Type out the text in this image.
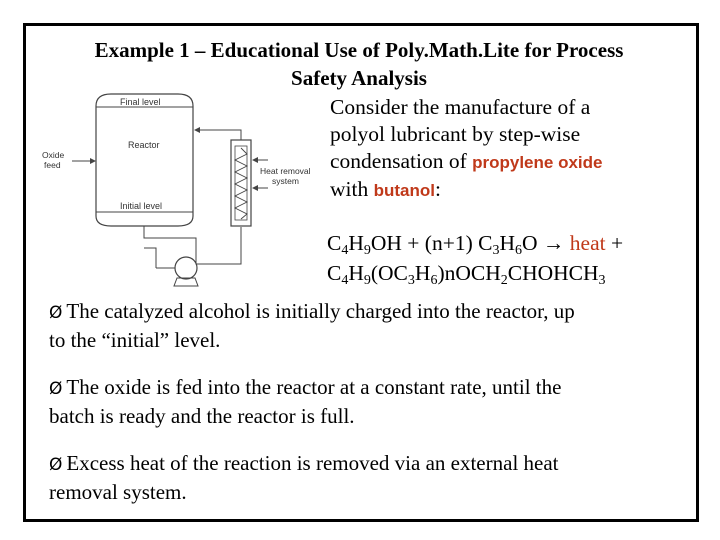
Example 1 – Educational Use of Poly.Math.Lite for Process
Safety Analysis
Final level
Reactor
Initial level
Oxide
feed
Heat removal
system
Consider the manufacture of a
polyol lubricant by step-wise
condensation of propylene oxide
with butanol:
$C_4H_9OH + (n+1) C_3H_6O$ → heat +
$C_4H_9(OC_3H_6)nOCH_2CHOHCH_3$
Ø The catalyzed alcohol is initially charged into the reactor, up
to the “initial” level.
Ø The oxide is fed into the reactor at a constant rate, until the
batch is ready and the reactor is full.
Ø Excess heat of the reaction is removed via an external heat
removal system.
